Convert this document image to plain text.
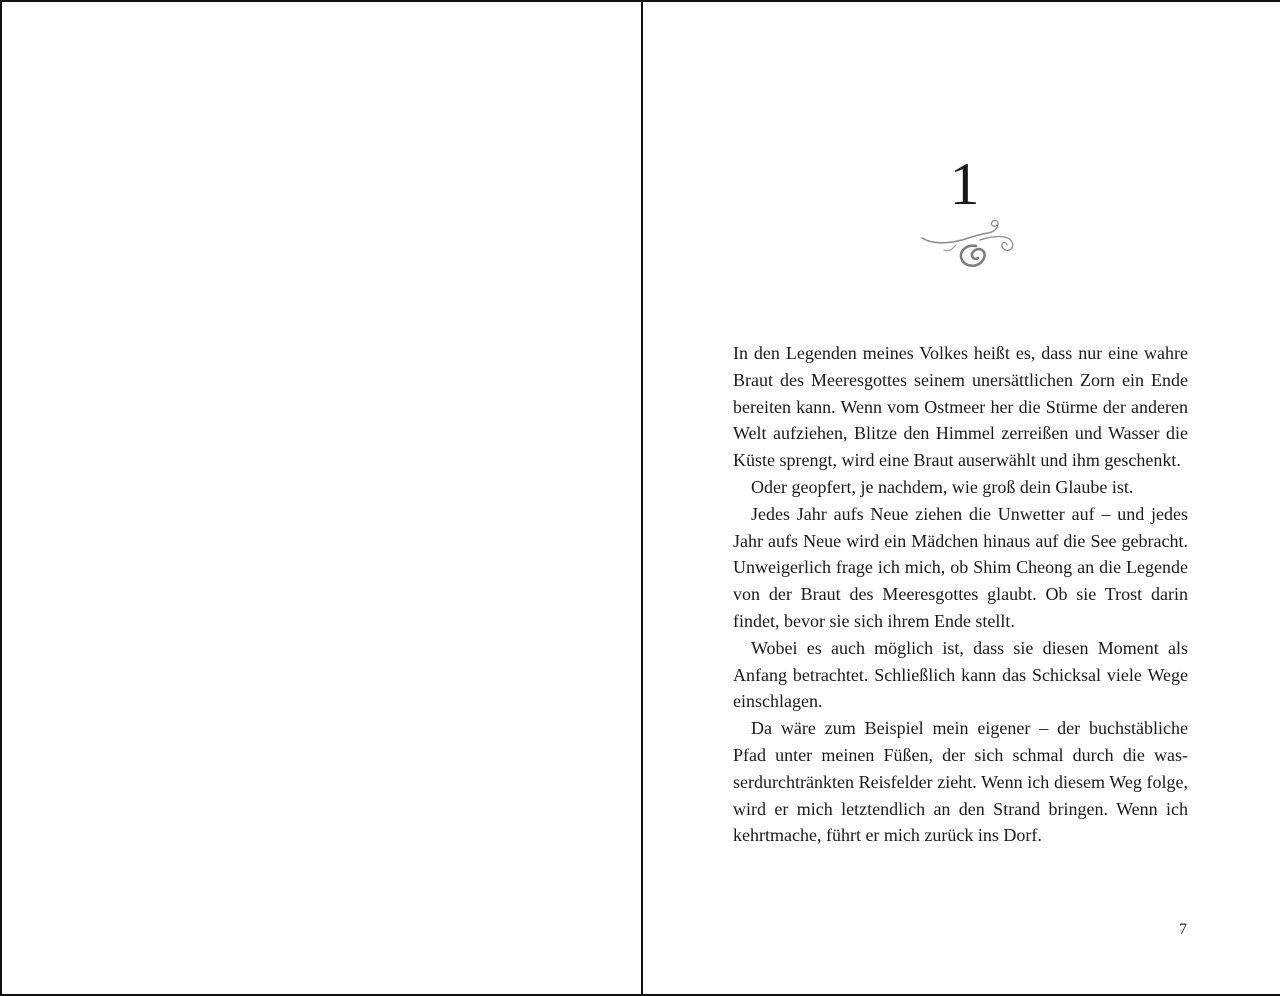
1

In den Legenden meines Volkes heißt es, dass nur eine wahre Braut des Meeresgottes seinem unersättlichen Zorn ein Ende bereiten kann. Wenn vom Ostmeer her die Stürme der anderen Welt aufziehen, Blitze den Himmel zerreißen und Wasser die Küste sprengt, wird eine Braut auserwählt und ihm geschenkt.

Oder geopfert, je nachdem, wie groß dein Glaube ist.

Jedes Jahr aufs Neue ziehen die Unwetter auf – und jedes Jahr aufs Neue wird ein Mädchen hinaus auf die See gebracht. Unweigerlich frage ich mich, ob Shim Cheong an die Legende von der Braut des Meeresgottes glaubt. Ob sie Trost darin findet, bevor sie sich ihrem Ende stellt.

Wobei es auch möglich ist, dass sie diesen Moment als Anfang betrachtet. Schließlich kann das Schicksal viele Wege einschlagen.

Da wäre zum Beispiel mein eigener – der buchstäbliche Pfad unter meinen Füßen, der sich schmal durch die wasserdurchtränkten Reisfelder zieht. Wenn ich diesem Weg folge, wird er mich letztendlich an den Strand bringen. Wenn ich kehrtmache, führt er mich zurück ins Dorf.

7
